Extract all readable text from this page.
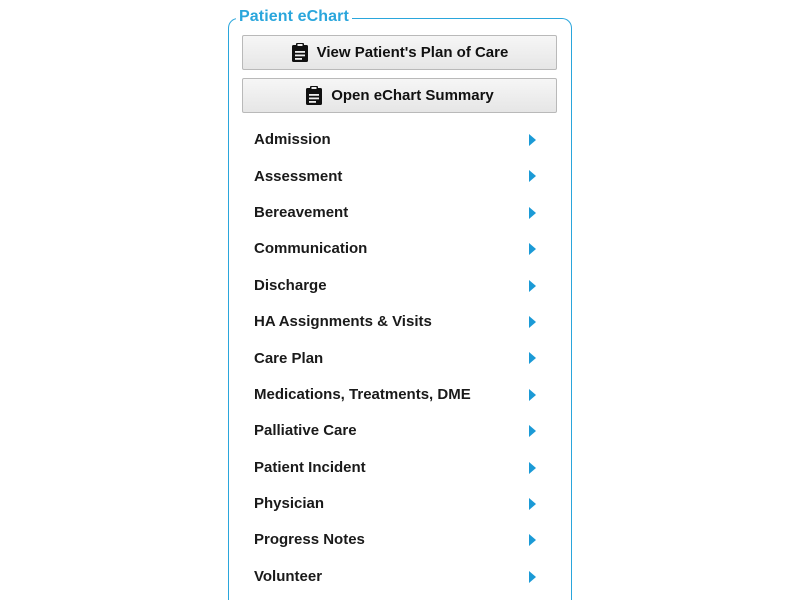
Patient eChart
View Patient's Plan of Care
Open eChart Summary
Admission
Assessment
Bereavement
Communication
Discharge
HA Assignments & Visits
Care Plan
Medications, Treatments, DME
Palliative Care
Patient Incident
Physician
Progress Notes
Volunteer
